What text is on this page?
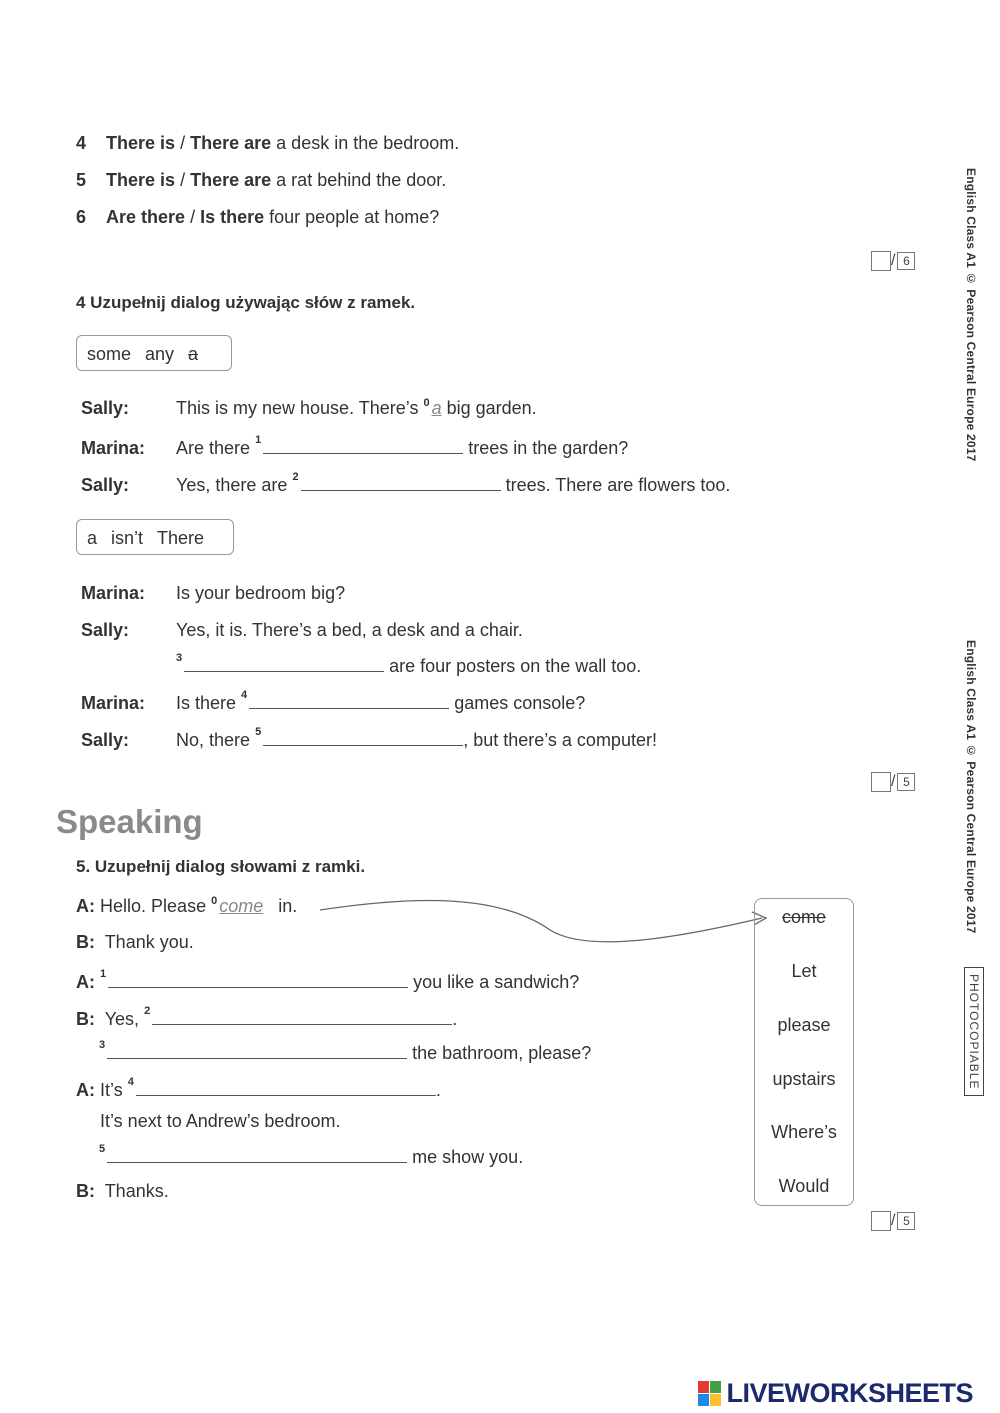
4 There is / There are a desk in the bedroom.
5 There is / There are a rat behind the door.
6 Are there / Is there four people at home?
/ 6
4 Uzupełnij dialog używając słów z ramek.
some any a
Sally:	This is my new house. There’s $^0$ a big garden.
Marina: Are there $^1$	trees in the garden?
Sally:	Yes, there are $^2$	trees. There are flowers too.
a isn’t There
Marina: Is your bedroom big?
Sally:	Yes, it is. There’s a bed, a desk and a chair.
$^3$	are four posters on the wall too.
Marina: Is there $^4$	games console?
Sally:	No, there $^5$	, but there’s a computer!
/ 5
Speaking
5. Uzupełnij dialog słowami z ramki.
A: Hello. Please $^0$ come in.
B: Thank you.
A: $^1$	you like a sandwich?
B: Yes, $^2$	.
$^3$	the bathroom, please?
A: It’s $^4$	.
It’s next to Andrew’s bedroom.
$^5$	me show you.
B: Thanks.
come
Let
please
upstairs
Where’s
Would
/ 5
English Class A1 © Pearson Central Europe 2017
English Class A1 © Pearson Central Europe 2017
PHOTOCOPIABLE
LIVEWORKSHEETS
